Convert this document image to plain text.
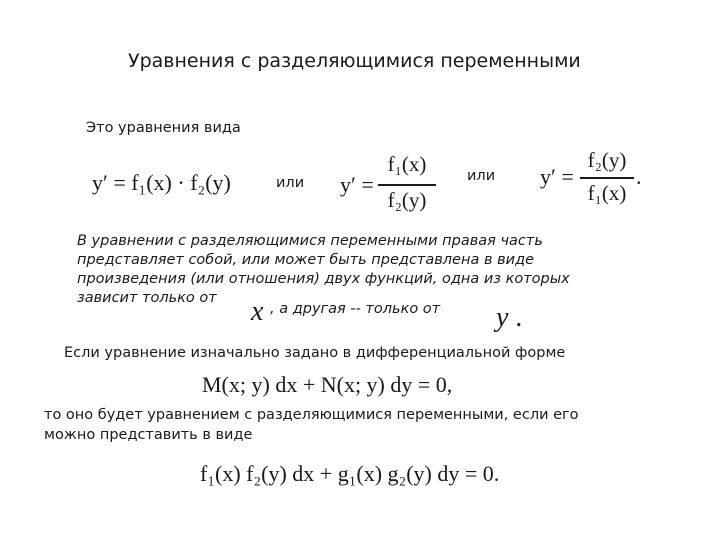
Уравнения с разделяющимися переменными
Это уравнения вида
y′ = f₁(x) · f₂(y)	или y′ =
f₁(x)
f₂(y)
или y′ =
f₂(y)
f₁(x)
.
В уравнении с разделяющимися переменными правая часть
представляет собой, или может быть представлена в виде
произведения (или отношения) двух функций, одна из которых
зависит только от x , а другая -- только от y .
Если уравнение изначально задано в дифференциальной форме
M(x; y) dx + N(x; y) dy = 0,
то оно будет уравнением с разделяющимися переменными, если его
можно представить в виде
f₁(x) f₂(y) dx + g₁(x) g₂(y) dy = 0.
